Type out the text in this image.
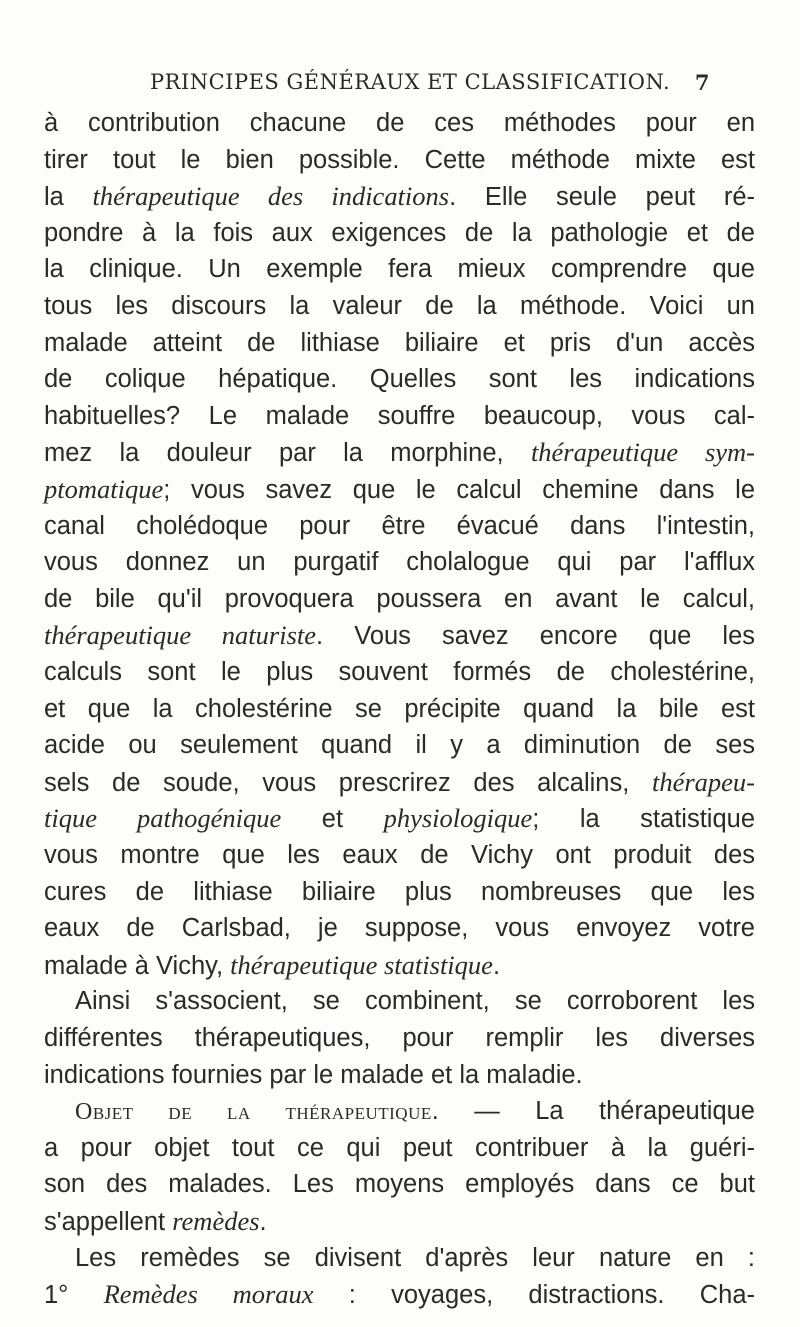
PRINCIPES GÉNÉRAUX ET CLASSIFICATION. 7
à contribution chacune de ces méthodes pour en
tirer tout le bien possible. Cette méthode mixte est
la thérapeutique des indications. Elle seule peut ré-
pondre à la fois aux exigences de la pathologie et de
la clinique. Un exemple fera mieux comprendre que
tous les discours la valeur de la méthode. Voici un
malade atteint de lithiase biliaire et pris d'un accès
de colique hépatique. Quelles sont les indications
habituelles? Le malade souffre beaucoup, vous cal-
mez la douleur par la morphine, thérapeutique sym-
ptomatique; vous savez que le calcul chemine dans le
canal cholédoque pour être évacué dans l'intestin,
vous donnez un purgatif cholalogue qui par l'afflux
de bile qu'il provoquera poussera en avant le calcul,
thérapeutique naturiste. Vous savez encore que les
calculs sont le plus souvent formés de cholestérine,
et que la cholestérine se précipite quand la bile est
acide ou seulement quand il y a diminution de ses
sels de soude, vous prescrirez des alcalins, thérapeu-
tique pathogénique et physiologique; la statistique
vous montre que les eaux de Vichy ont produit des
cures de lithiase biliaire plus nombreuses que les
eaux de Carlsbad, je suppose, vous envoyez votre
malade à Vichy, thérapeutique statistique.
Ainsi s'associent, se combinent, se corroborent les
différentes thérapeutiques, pour remplir les diverses
indications fournies par le malade et la maladie.
Objet de la thérapeutique. — La thérapeutique
a pour objet tout ce qui peut contribuer à la guéri-
son des malades. Les moyens employés dans ce but
s'appellent remèdes.
Les remèdes se divisent d'après leur nature en :
1° Remèdes moraux : voyages, distractions. Cha-
